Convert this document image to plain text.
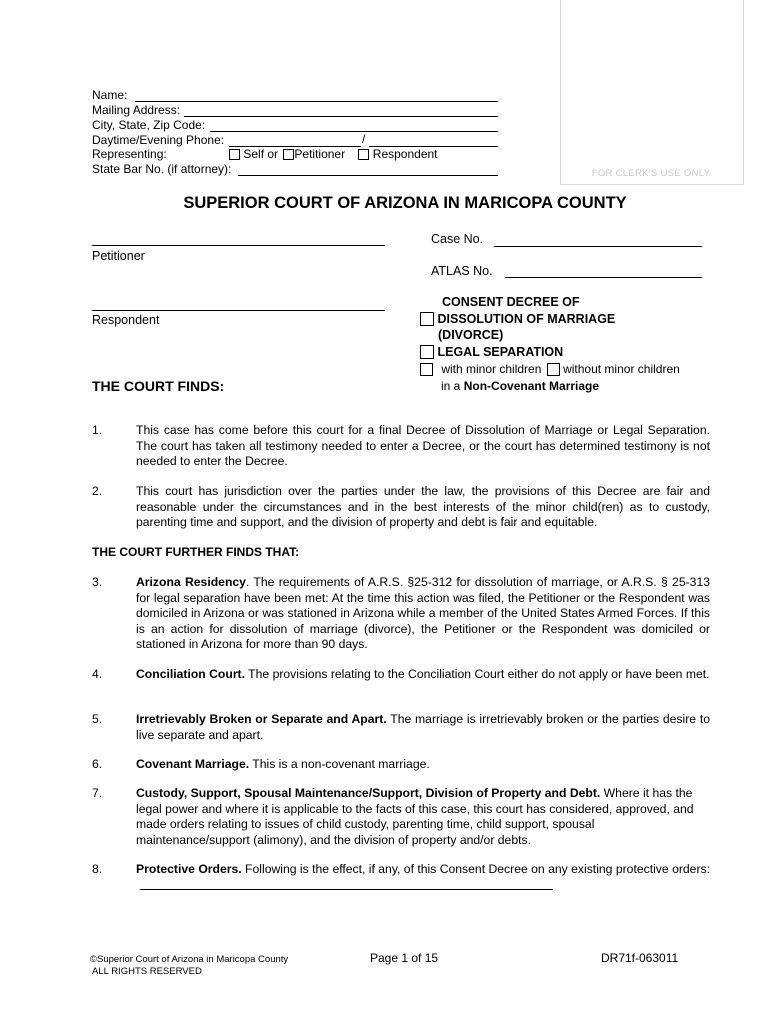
FOR CLERK'S USE ONLY
Name:
Mailing Address:
City, State, Zip Code:
Daytime/Evening Phone:	/
Representing:	Self or Petitioner Respondent
State Bar No. (if attorney):
SUPERIOR COURT OF ARIZONA IN MARICOPA COUNTY
Petitioner
Respondent
Case No.
ATLAS No.
CONSENT DECREE OF
DISSOLUTION OF MARRIAGE
(DIVORCE)
LEGAL SEPARATION
with minor children without minor children
in a Non-Covenant Marriage
THE COURT FINDS:
1.	This case has come before this court for a final Decree of Dissolution of Marriage or Legal Separation. The court has taken all testimony needed to enter a Decree, or the court has determined testimony is not needed to enter the Decree.
2.	This court has jurisdiction over the parties under the law, the provisions of this Decree are fair and reasonable under the circumstances and in the best interests of the minor child(ren) as to custody, parenting time and support, and the division of property and debt is fair and equitable.
THE COURT FURTHER FINDS THAT:
3.	Arizona Residency. The requirements of A.R.S. §25-312 for dissolution of marriage, or A.R.S. § 25-313 for legal separation have been met: At the time this action was filed, the Petitioner or the Respondent was domiciled in Arizona or was stationed in Arizona while a member of the United States Armed Forces. If this is an action for dissolution of marriage (divorce), the Petitioner or the Respondent was domiciled or stationed in Arizona for more than 90 days.
4.	Conciliation Court. The provisions relating to the Conciliation Court either do not apply or have been met.
5.	Irretrievably Broken or Separate and Apart. The marriage is irretrievably broken or the parties desire to live separate and apart.
6.	Covenant Marriage. This is a non-covenant marriage.
7.	Custody, Support, Spousal Maintenance/Support, Division of Property and Debt. Where it has the legal power and where it is applicable to the facts of this case, this court has considered, approved, and made orders relating to issues of child custody, parenting time, child support, spousal maintenance/support (alimony), and the division of property and/or debts.
8.	Protective Orders. Following is the effect, if any, of this Consent Decree on any existing protective orders:
©Superior Court of Arizona in Maricopa County
ALL RIGHTS RESERVED
Page 1 of 15	DR71f-063011
